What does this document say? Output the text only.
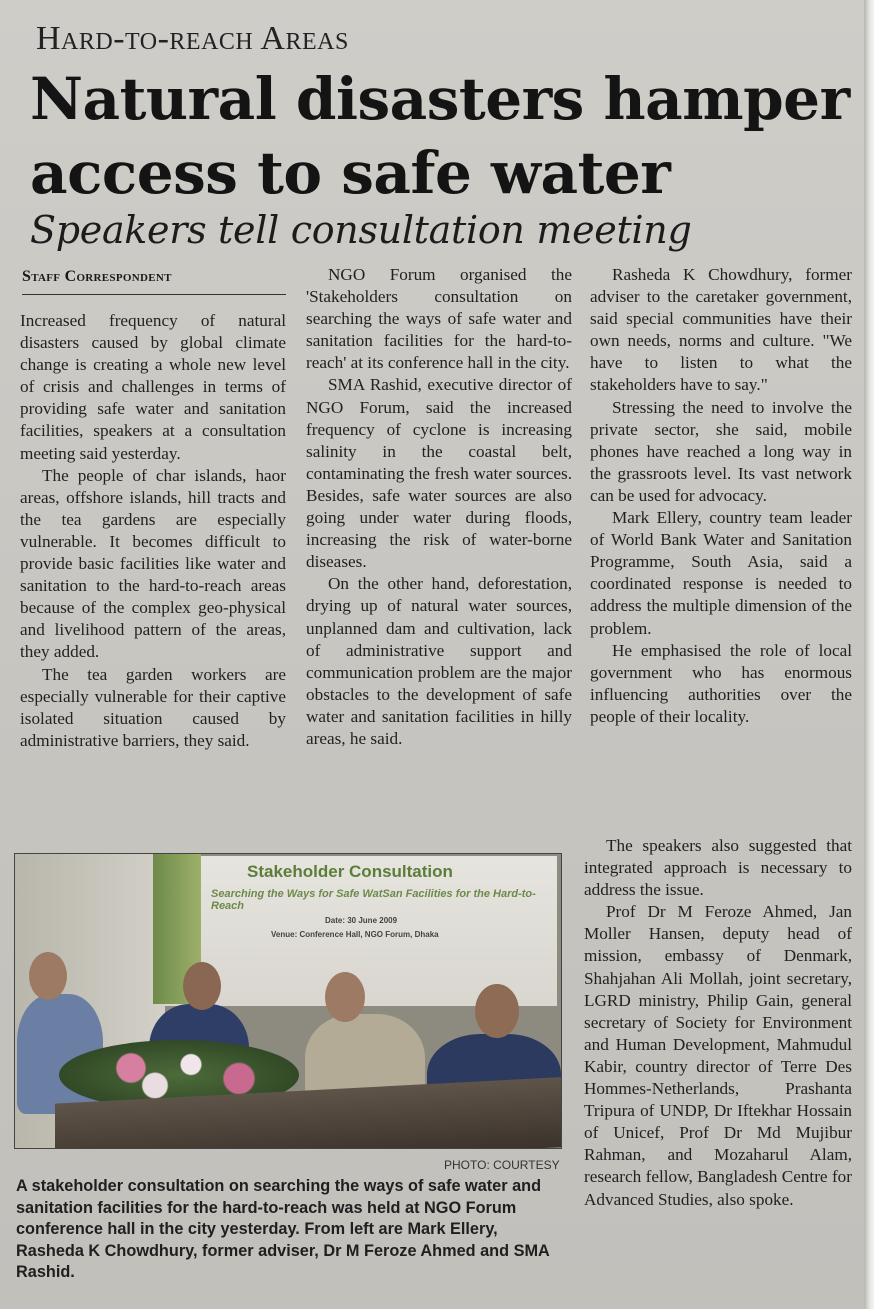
Hard-to-reach Areas
Natural disasters hamper access to safe water
Speakers tell consultation meeting
Staff Correspondent

Increased frequency of natural disasters caused by global climate change is creating a whole new level of crisis and challenges in terms of providing safe water and sanitation facilities, speakers at a consultation meeting said yesterday.

The people of char islands, haor areas, offshore islands, hill tracts and the tea gardens are especially vulnerable. It becomes difficult to provide basic facilities like water and sanitation to the hard-to-reach areas because of the complex geo-physical and livelihood pattern of the areas, they added.

The tea garden workers are especially vulnerable for their captive isolated situation caused by administrative barriers, they said.

NGO Forum organised the 'Stakeholders consultation on searching the ways of safe water and sanitation facilities for the hard-to-reach' at its conference hall in the city.

SMA Rashid, executive director of NGO Forum, said the increased frequency of cyclone is increasing salinity in the coastal belt, contaminating the fresh water sources. Besides, safe water sources are also going under water during floods, increasing the risk of water-borne diseases.

On the other hand, deforestation, drying up of natural water sources, unplanned dam and cultivation, lack of administrative support and communication problem are the major obstacles to the development of safe water and sanitation facilities in hilly areas, he said.

Rasheda K Chowdhury, former adviser to the caretaker government, said special communities have their own needs, norms and culture. "We have to listen to what the stakeholders have to say."

Stressing the need to involve the private sector, she said, mobile phones have reached a long way in the grassroots level. Its vast network can be used for advocacy.

Mark Ellery, country team leader of World Bank Water and Sanitation Programme, South Asia, said a coordinated response is needed to address the multiple dimension of the problem.

He emphasised the role of local government who has enormous influencing authorities over the people of their locality.

The speakers also suggested that integrated approach is necessary to address the issue.

Prof Dr M Feroze Ahmed, Jan Moller Hansen, deputy head of mission, embassy of Denmark, Shahjahan Ali Mollah, joint secretary, LGRD ministry, Philip Gain, general secretary of Society for Environment and Human Development, Mahmudul Kabir, country director of Terre Des Hommes-Netherlands, Prashanta Tripura of UNDP, Dr Iftekhar Hossain of Unicef, Prof Dr Md Mujibur Rahman, and Mozaharul Alam, research fellow, Bangladesh Centre for Advanced Studies, also spoke.

Stakeholder Consultation
Searching the Ways for Safe WatSan Facilities for the Hard-to-Reach
Date: 30 June 2009
Venue: Conference Hall, NGO Forum, Dhaka
PHOTO: COURTESY
A stakeholder consultation on searching the ways of safe water and sanitation facilities for the hard-to-reach was held at NGO Forum conference hall in the city yesterday. From left are Mark Ellery, Rasheda K Chowdhury, former adviser, Dr M Feroze Ahmed and SMA Rashid.
